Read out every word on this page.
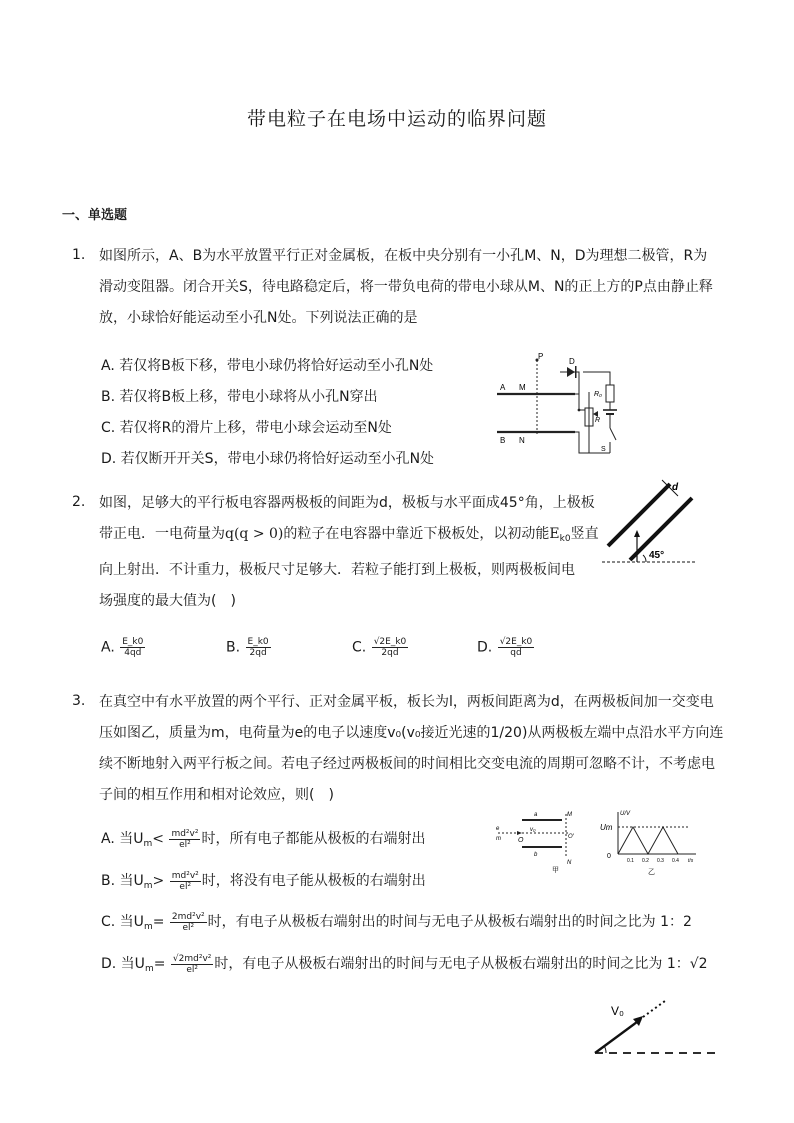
带电粒子在电场中运动的临界问题
一、单选题
1. 如图所示，A、B为水平放置平行正对金属板，在板中央分别有一小孔M、N，D为理想二极管，R为
滑动变阻器。闭合开关S，待电路稳定后，将一带负电荷的带电小球从M、N的正上方的P点由静止释
放，小球恰好能运动至小孔N处。下列说法正确的是
A. 若仅将B板下移，带电小球仍将恰好运动至小孔N处
B. 若仅将B板上移，带电小球将从小孔N穿出
C. 若仅将R的滑片上移，带电小球会运动至N处
D. 若仅断开开关S，带电小球仍将恰好运动至小孔N处
P
A M
B N
D
R₀
R
S
2. 如图，足够大的平行板电容器两极板的间距为d，极板与水平面成45°角，上极板
带正电．一电荷量为q(q > 0)的粒子在电容器中靠近下极板处，以初动能$E_{k0}$竖直
向上射出．不计重力，极板尺寸足够大．若粒子能打到上极板，则两极板间电
场强度的最大值为(　)
d
45°
A. $\frac{E\_k0}{4qd}$	B. $\frac{E\_k0}{2qd}$	C. $\frac{√2E\_k0}{2qd}$	D. $\frac{√2E\_k0}{qd}$
3. 在真空中有水平放置的两个平行、正对金属平板，板长为l，两板间距离为d，在两极板间加一交变电
压如图乙，质量为m，电荷量为e的电子以速度v₀(v₀接近光速的1/20)从两极板左端中点沿水平方向连
续不断地射入两平行板之间。若电子经过两极板间的时间相比交变电流的周期可忽略不计，不考虑电
子间的相互作用和相对论效应，则(　)
A. 当$U_m< \frac{\text{md²v²}}{\text{el²}}$ 时，所有电子都能从极板的右端射出
B. 当$U_m> \frac{\text{md²v²}}{\text{el²}}$ 时，将没有电子能从极板的右端射出
C. 当$U_m= \frac{\text{2md²v²}}{\text{el²}}$ 时，有电子从极板右端射出的时间与无电子从极板右端射出的时间之比为 1：2
D. 当$U_m= \frac{\text{√2md²v²}}{\text{el²}}$ 时，有电子从极板右端射出的时间与无电子从极板右端射出的时间之比为 1：√2
a
b
M
N
O	O′
v₀
e
m
甲
Um
U/V
0
0.1 0.2 0.3 0.4 t/s
乙
V₀
